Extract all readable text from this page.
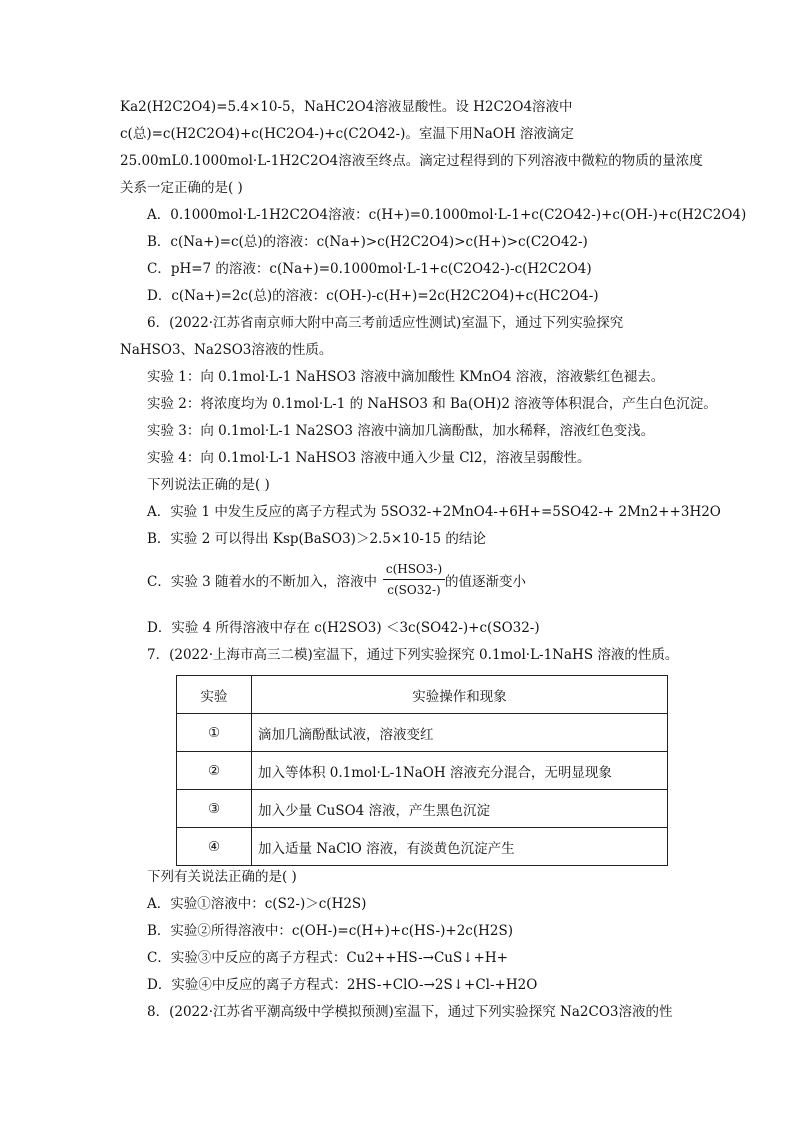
Ka2(H2C2O4)=5.4×10-5，NaHC2O4溶液显酸性。设 H2C2O4溶液中
c(总)=c(H2C2O4)+c(HC2O4-)+c(C2O42-)。室温下用NaOH 溶液滴定
25.00mL0.1000mol·L-1H2C2O4溶液至终点。滴定过程得到的下列溶液中微粒的物质的量浓度
关系一定正确的是( )
A．0.1000mol·L-1H2C2O4溶液：c(H+)=0.1000mol·L-1+c(C2O42-)+c(OH-)+c(H2C2O4)
B．c(Na+)=c(总)的溶液：c(Na+)>c(H2C2O4)>c(H+)>c(C2O42-)
C．pH=7 的溶液：c(Na+)=0.1000mol·L-1+c(C2O42-)-c(H2C2O4)
D．c(Na+)=2c(总)的溶液：c(OH-)-c(H+)=2c(H2C2O4)+c(HC2O4-)
6．(2022·江苏省南京师大附中高三考前适应性测试)室温下，通过下列实验探究
NaHSO3、Na2SO3溶液的性质。
实验 1：向 0.1mol·L-1 NaHSO3 溶液中滴加酸性 KMnO4 溶液，溶液紫红色褪去。
实验 2：将浓度均为 0.1mol·L-1 的 NaHSO3 和 Ba(OH)2 溶液等体积混合，产生白色沉淀。
实验 3：向 0.1mol·L-1 Na2SO3 溶液中滴加几滴酚酞，加水稀释，溶液红色变浅。
实验 4：向 0.1mol·L-1 NaHSO3 溶液中通入少量 Cl2，溶液呈弱酸性。
下列说法正确的是( )
A．实验 1 中发生反应的离子方程式为 5SO32-+2MnO4-+6H+=5SO42-+ 2Mn2++3H2O
B．实验 2 可以得出 Ksp(BaSO3)＞2.5×10-15 的结论
C．实验 3 随着水的不断加入，溶液中
c(HSO3-)
c(SO32-) 的值逐渐变小
D．实验 4 所得溶液中存在 c(H2SO3) ＜3c(SO42-)+c(SO32-)
7．(2022·上海市高三二模)室温下，通过下列实验探究 0.1mol·L-1NaHS 溶液的性质。
实验	实验操作和现象
①	滴加几滴酚酞试液，溶液变红
②	加入等体积 0.1mol·L-1NaOH 溶液充分混合，无明显现象
③	加入少量 CuSO4 溶液，产生黑色沉淀
④	加入适量 NaClO 溶液，有淡黄色沉淀产生
下列有关说法正确的是( )
A．实验①溶液中：c(S2-)＞c(H2S)
B．实验②所得溶液中：c(OH-)=c(H+)+c(HS-)+2c(H2S)
C．实验③中反应的离子方程式：Cu2++HS-→CuS↓+H+
D．实验④中反应的离子方程式：2HS-+ClO-→2S↓+Cl-+H2O
8．(2022·江苏省平潮高级中学模拟预测)室温下，通过下列实验探究 Na2CO3溶液的性
